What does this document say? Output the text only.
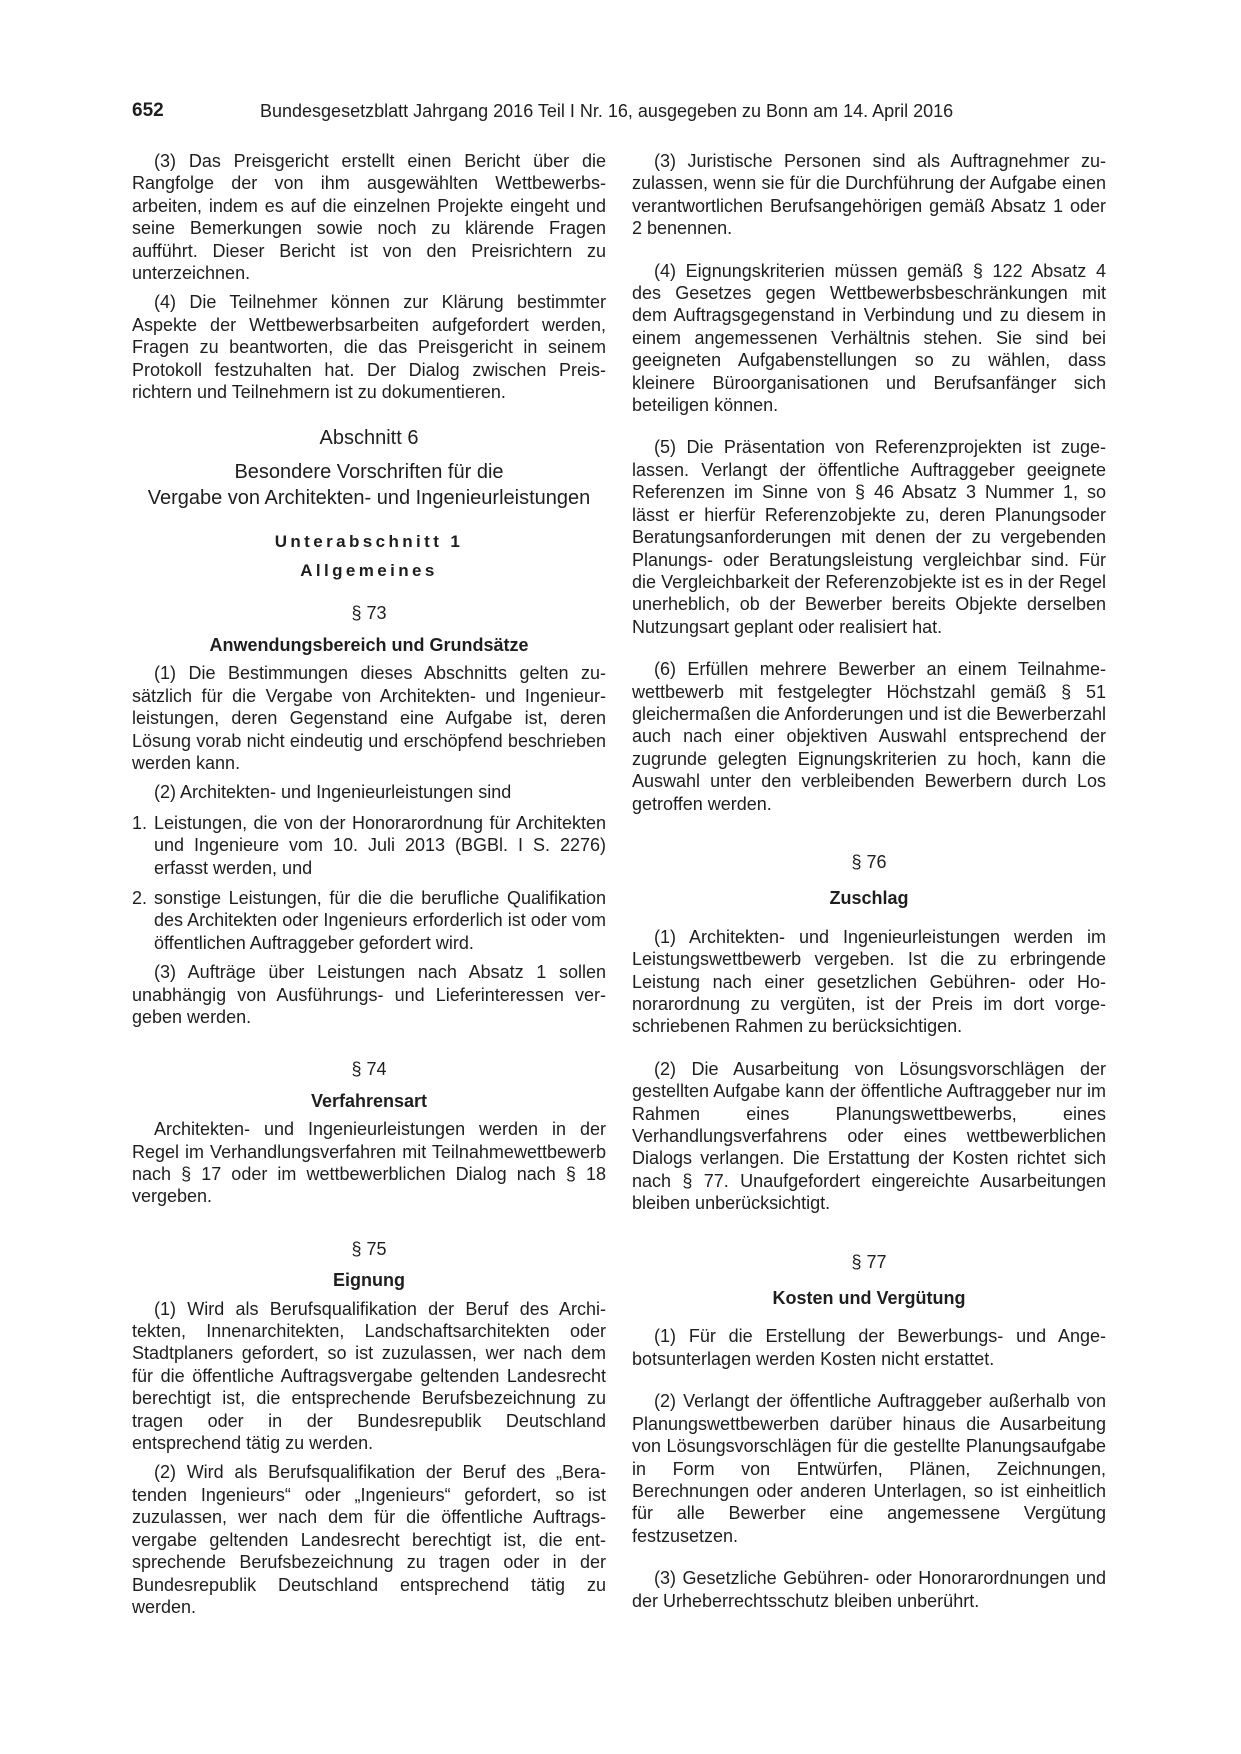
652	Bundesgesetzblatt Jahrgang 2016 Teil I Nr. 16, ausgegeben zu Bonn am 14. April 2016

(3) Das Preisgericht erstellt einen Bericht über die Rangfolge der von ihm ausgewählten Wettbewerbsarbeiten, indem es auf die einzelnen Projekte eingeht und seine Bemerkungen sowie noch zu klärende Fragen aufführt. Dieser Bericht ist von den Preisrichtern zu unterzeichnen.

(4) Die Teilnehmer können zur Klärung bestimmter Aspekte der Wettbewerbsarbeiten aufgefordert werden, Fragen zu beantworten, die das Preisgericht in seinem Protokoll festzuhalten hat. Der Dialog zwischen Preisrichtern und Teilnehmern ist zu dokumentieren.

Abschnitt 6

Besondere Vorschriften für die

Vergabe von Architekten- und Ingenieurleistungen

Unterabschnitt 1

Allgemeines

§ 73

Anwendungsbereich und Grundsätze

(1) Die Bestimmungen dieses Abschnitts gelten zusätzlich für die Vergabe von Architekten- und Ingenieurleistungen, deren Gegenstand eine Aufgabe ist, deren Lösung vorab nicht eindeutig und erschöpfend beschrieben werden kann.

(2) Architekten- und Ingenieurleistungen sind

1. Leistungen, die von der Honorarordnung für Architekten und Ingenieure vom 10. Juli 2013 (BGBl. I S. 2276) erfasst werden, und
2. sonstige Leistungen, für die die berufliche Qualifikation des Architekten oder Ingenieurs erforderlich ist oder vom öffentlichen Auftraggeber gefordert wird.

(3) Aufträge über Leistungen nach Absatz 1 sollen unabhängig von Ausführungs- und Lieferinteressen vergeben werden.

§ 74

Verfahrensart

Architekten- und Ingenieurleistungen werden in der Regel im Verhandlungsverfahren mit Teilnahmewettbewerb nach § 17 oder im wettbewerblichen Dialog nach § 18 vergeben.

§ 75

Eignung

(1) Wird als Berufsqualifikation der Beruf des Architekten, Innenarchitekten, Landschaftsarchitekten oder Stadtplaners gefordert, so ist zuzulassen, wer nach dem für die öffentliche Auftragsvergabe geltenden Landesrecht berechtigt ist, die entsprechende Berufsbezeichnung zu tragen oder in der Bundesrepublik Deutschland entsprechend tätig zu werden.

(2) Wird als Berufsqualifikation der Beruf des „Beratenden Ingenieurs“ oder „Ingenieurs“ gefordert, so ist zuzulassen, wer nach dem für die öffentliche Auftragsvergabe geltenden Landesrecht berechtigt ist, die entsprechende Berufsbezeichnung zu tragen oder in der Bundesrepublik Deutschland entsprechend tätig zu werden.

(3) Juristische Personen sind als Auftragnehmer zuzulassen, wenn sie für die Durchführung der Aufgabe einen verantwortlichen Berufsangehörigen gemäß Absatz 1 oder 2 benennen.

(4) Eignungskriterien müssen gemäß § 122 Absatz 4 des Gesetzes gegen Wettbewerbsbeschränkungen mit dem Auftragsgegenstand in Verbindung und zu diesem in einem angemessenen Verhältnis stehen. Sie sind bei geeigneten Aufgabenstellungen so zu wählen, dass kleinere Büroorganisationen und Berufsanfänger sich beteiligen können.

(5) Die Präsentation von Referenzprojekten ist zugelassen. Verlangt der öffentliche Auftraggeber geeignete Referenzen im Sinne von § 46 Absatz 3 Nummer 1, so lässt er hierfür Referenzobjekte zu, deren Planungsoder Beratungsanforderungen mit denen der zu vergebenden Planungs- oder Beratungsleistung vergleichbar sind. Für die Vergleichbarkeit der Referenzobjekte ist es in der Regel unerheblich, ob der Bewerber bereits Objekte derselben Nutzungsart geplant oder realisiert hat.

(6) Erfüllen mehrere Bewerber an einem Teilnahmewettbewerb mit festgelegter Höchstzahl gemäß § 51 gleichermaßen die Anforderungen und ist die Bewerberzahl auch nach einer objektiven Auswahl entsprechend der zugrunde gelegten Eignungskriterien zu hoch, kann die Auswahl unter den verbleibenden Bewerbern durch Los getroffen werden.

§ 76

Zuschlag

(1) Architekten- und Ingenieurleistungen werden im Leistungswettbewerb vergeben. Ist die zu erbringende Leistung nach einer gesetzlichen Gebühren- oder Honorarordnung zu vergüten, ist der Preis im dort vorgeschriebenen Rahmen zu berücksichtigen.

(2) Die Ausarbeitung von Lösungsvorschlägen der gestellten Aufgabe kann der öffentliche Auftraggeber nur im Rahmen eines Planungswettbewerbs, eines Verhandlungsverfahrens oder eines wettbewerblichen Dialogs verlangen. Die Erstattung der Kosten richtet sich nach § 77. Unaufgefordert eingereichte Ausarbeitungen bleiben unberücksichtigt.

§ 77

Kosten und Vergütung

(1) Für die Erstellung der Bewerbungs- und Angebotsunterlagen werden Kosten nicht erstattet.

(2) Verlangt der öffentliche Auftraggeber außerhalb von Planungswettbewerben darüber hinaus die Ausarbeitung von Lösungsvorschlägen für die gestellte Planungsaufgabe in Form von Entwürfen, Plänen, Zeichnungen, Berechnungen oder anderen Unterlagen, so ist einheitlich für alle Bewerber eine angemessene Vergütung festzusetzen.

(3) Gesetzliche Gebühren- oder Honorarordnungen und der Urheberrechtsschutz bleiben unberührt.
